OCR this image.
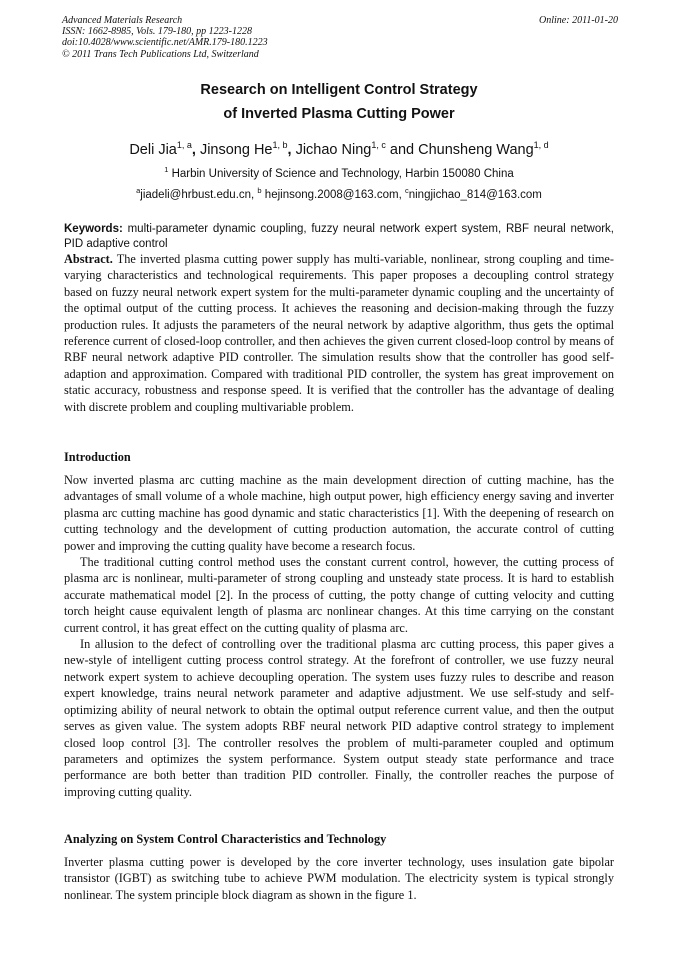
Advanced Materials Research
ISSN: 1662-8985, Vols. 179-180, pp 1223-1228
doi:10.4028/www.scientific.net/AMR.179-180.1223
© 2011 Trans Tech Publications Ltd, Switzerland
Online: 2011-01-20
Research on Intelligent Control Strategy
of Inverted Plasma Cutting Power
Deli Jia$^{1, a}$, Jinsong He$^{1, b}$, Jichao Ning$^{1, c}$ and Chunsheng Wang$^{1, d}$
$^1$ Harbin University of Science and Technology, Harbin 150080 China
$^a$jiadeli@hrbust.edu.cn, $^b$ hejinsong.2008@163.com, $^c$ningjichao_814@163.com
Keywords: multi-parameter dynamic coupling, fuzzy neural network expert system, RBF neural network, PID adaptive control

Abstract. The inverted plasma cutting power supply has multi-variable, nonlinear, strong coupling and time-varying characteristics and technological requirements. This paper proposes a decoupling control strategy based on fuzzy neural network expert system for the multi-parameter dynamic coupling and the uncertainty of the optimal output of the cutting process. It achieves the reasoning and decision-making through the fuzzy production rules. It adjusts the parameters of the neural network by adaptive algorithm, thus gets the optimal reference current of closed-loop controller, and then achieves the given current closed-loop control by means of RBF neural network adaptive PID controller. The simulation results show that the controller has good self-adaption and approximation. Compared with traditional PID controller, the system has great improvement on static accuracy, robustness and response speed. It is verified that the controller has the advantage of dealing with discrete problem and coupling multivariable problem.

Introduction

Now inverted plasma arc cutting machine as the main development direction of cutting machine, has the advantages of small volume of a whole machine, high output power, high efficiency energy saving and inverter plasma arc cutting machine has good dynamic and static characteristics [1]. With the deepening of research on cutting technology and the development of cutting production automation, the accurate control of cutting power and improving the cutting quality have become a research focus.

The traditional cutting control method uses the constant current control, however, the cutting process of plasma arc is nonlinear, multi-parameter of strong coupling and unsteady state process. It is hard to establish accurate mathematical model [2]. In the process of cutting, the potty change of cutting velocity and cutting torch height cause equivalent length of plasma arc nonlinear changes. At this time carrying on the constant current control, it has great effect on the cutting quality of plasma arc.

In allusion to the defect of controlling over the traditional plasma arc cutting process, this paper gives a new-style of intelligent cutting process control strategy. At the forefront of controller, we use fuzzy neural network expert system to achieve decoupling operation. The system uses fuzzy rules to describe and reason expert knowledge, trains neural network parameter and adaptive adjustment. We use self-study and self-optimizing ability of neural network to obtain the optimal output reference current value, and then the output serves as given value. The system adopts RBF neural network PID adaptive control strategy to implement closed loop control [3]. The controller resolves the problem of multi-parameter coupled and optimum parameters and optimizes the system performance. System output steady state performance and trace performance are both better than tradition PID controller. Finally, the controller reaches the purpose of improving cutting quality.

Analyzing on System Control Characteristics and Technology

Inverter plasma cutting power is developed by the core inverter technology, uses insulation gate bipolar transistor (IGBT) as switching tube to achieve PWM modulation. The electricity system is typical strongly nonlinear. The system principle block diagram as shown in the figure 1.
